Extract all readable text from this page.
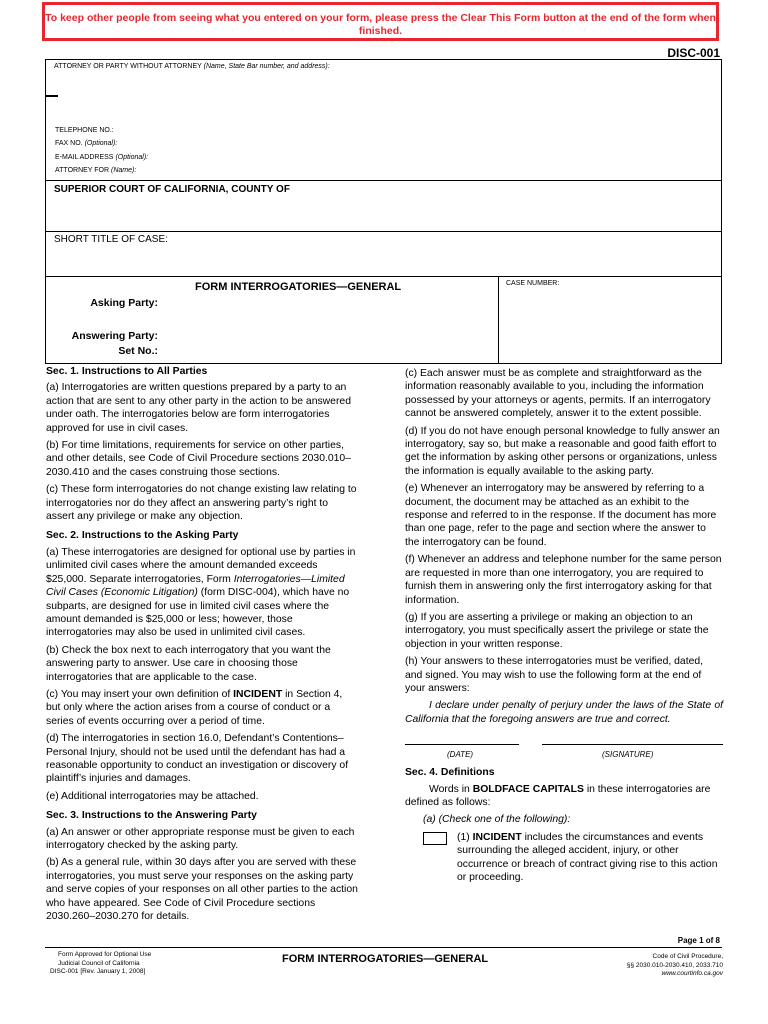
To keep other people from seeing what you entered on your form, please press the Clear This Form button at the end of the form when finished.
DISC-001
ATTORNEY OR PARTY WITHOUT ATTORNEY (Name, State Bar number, and address):
TELEPHONE NO.:
FAX NO. (Optional):
E-MAIL ADDRESS (Optional):
ATTORNEY FOR (Name):
SUPERIOR COURT OF CALIFORNIA, COUNTY OF
SHORT TITLE OF CASE:
FORM INTERROGATORIES—GENERAL	CASE NUMBER:
Asking Party:
Answering Party:
Set No.:
Sec. 1. Instructions to All Parties

(a) Interrogatories are written questions prepared by a party to an action that are sent to any other party in the action to be answered under oath. The interrogatories below are form interrogatories approved for use in civil cases.

(b) For time limitations, requirements for service on other parties, and other details, see Code of Civil Procedure sections 2030.010–2030.410 and the cases construing those sections.

(c) These form interrogatories do not change existing law relating to interrogatories nor do they affect an answering party’s right to assert any privilege or make any objection.

Sec. 2. Instructions to the Asking Party

(a) These interrogatories are designed for optional use by parties in unlimited civil cases where the amount demanded exceeds $25,000. Separate interrogatories, Form Interrogatories—Limited Civil Cases (Economic Litigation) (form DISC-004), which have no subparts, are designed for use in limited civil cases where the amount demanded is $25,000 or less; however, those interrogatories may also be used in unlimited civil cases.

(b) Check the box next to each interrogatory that you want the answering party to answer. Use care in choosing those interrogatories that are applicable to the case.

(c) You may insert your own definition of INCIDENT in Section 4, but only where the action arises from a course of conduct or a series of events occurring over a period of time.

(d) The interrogatories in section 16.0, Defendant’s Contentions–Personal Injury, should not be used until the defendant has had a reasonable opportunity to conduct an investigation or discovery of plaintiff’s injuries and damages.

(e) Additional interrogatories may be attached.

Sec. 3. Instructions to the Answering Party

(a) An answer or other appropriate response must be given to each interrogatory checked by the asking party.

(b) As a general rule, within 30 days after you are served with these interrogatories, you must serve your responses on the asking party and serve copies of your responses on all other parties to the action who have appeared. See Code of Civil Procedure sections 2030.260–2030.270 for details.

(c) Each answer must be as complete and straightforward as the information reasonably available to you, including the information possessed by your attorneys or agents, permits. If an interrogatory cannot be answered completely, answer it to the extent possible.

(d) If you do not have enough personal knowledge to fully answer an interrogatory, say so, but make a reasonable and good faith effort to get the information by asking other persons or organizations, unless the information is equally available to the asking party.

(e) Whenever an interrogatory may be answered by referring to a document, the document may be attached as an exhibit to the response and referred to in the response. If the document has more than one page, refer to the page and section where the answer to the interrogatory can be found.

(f) Whenever an address and telephone number for the same person are requested in more than one interrogatory, you are required to furnish them in answering only the first interrogatory asking for that information.

(g) If you are asserting a privilege or making an objection to an interrogatory, you must specifically assert the privilege or state the objection in your written response.

(h) Your answers to these interrogatories must be verified, dated, and signed. You may wish to use the following form at the end of your answers:

I declare under penalty of perjury under the laws of the State of California that the foregoing answers are true and correct.

(DATE)	(SIGNATURE)
Sec. 4. Definitions

Words in BOLDFACE CAPITALS in these interrogatories are defined as follows:

(a) (Check one of the following):

(1) INCIDENT includes the circumstances and events surrounding the alleged accident, injury, or other occurrence or breach of contract giving rise to this action or proceeding.
Page 1 of 8
Form Approved for Optional Use
Judicial Council of California
DISC-001 [Rev. January 1, 2008]
FORM INTERROGATORIES—GENERAL	Code of Civil Procedure,
§§ 2030.010-2030.410, 2033.710
www.courtinfo.ca.gov
